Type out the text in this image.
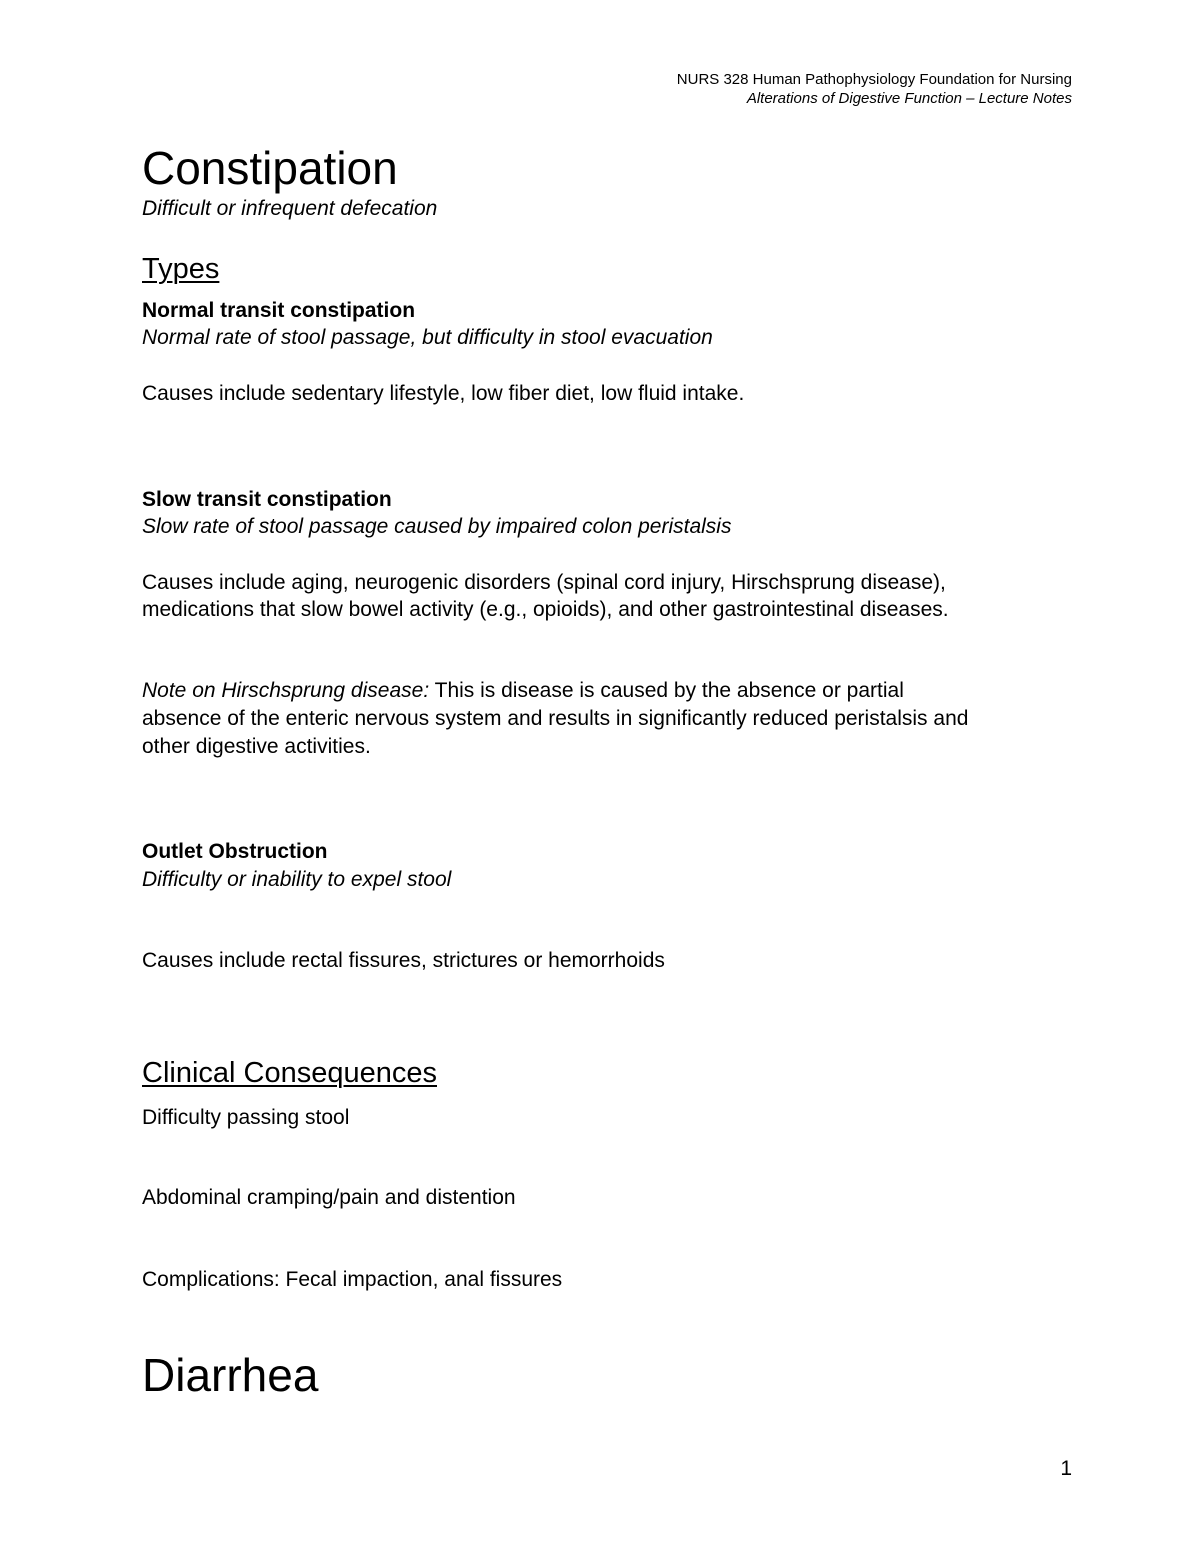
NURS 328 Human Pathophysiology Foundation for Nursing
Alterations of Digestive Function – Lecture Notes
Constipation
Difficult or infrequent defecation
Types
Normal transit constipation
Normal rate of stool passage, but difficulty in stool evacuation
Causes include sedentary lifestyle, low fiber diet, low fluid intake.
Slow transit constipation
Slow rate of stool passage caused by impaired colon peristalsis
Causes include aging, neurogenic disorders (spinal cord injury, Hirschsprung disease),
medications that slow bowel activity (e.g., opioids), and other gastrointestinal diseases.
Note on Hirschsprung disease: This is disease is caused by the absence or partial
absence of the enteric nervous system and results in significantly reduced peristalsis and
other digestive activities.
Outlet Obstruction
Difficulty or inability to expel stool
Causes include rectal fissures, strictures or hemorrhoids
Clinical Consequences
Difficulty passing stool
Abdominal cramping/pain and distention
Complications: Fecal impaction, anal fissures
Diarrhea
1
